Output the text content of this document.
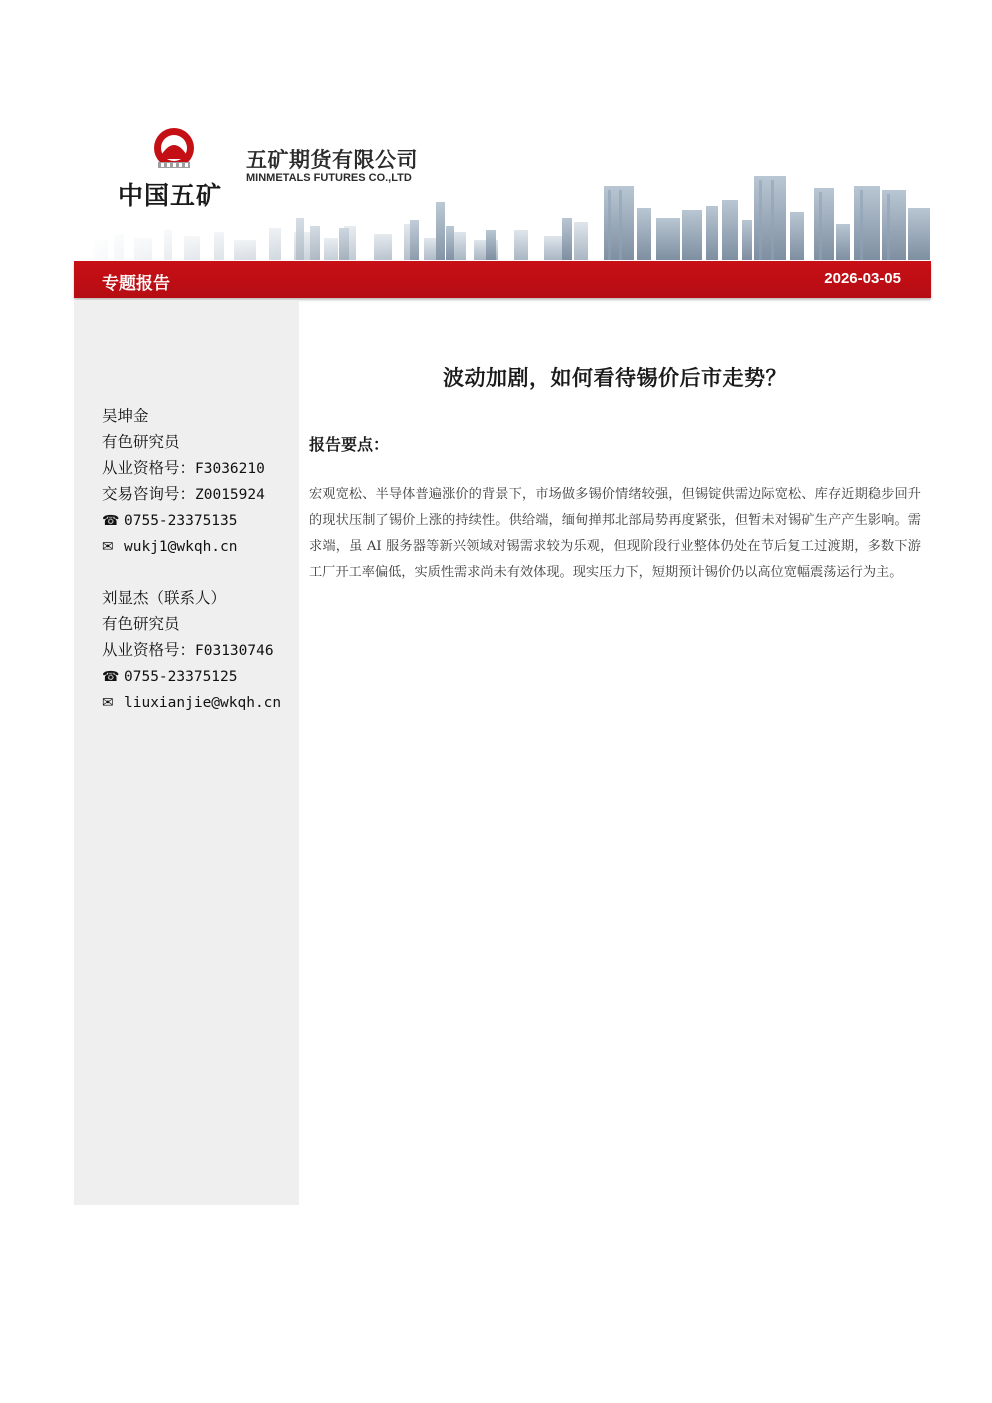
中国五矿
五矿期货有限公司
MINMETALS FUTURES CO.,LTD
专题报告	2026-03-05
吴坤金
有色研究员
从业资格号：F3036210
交易咨询号：Z0015924
☎ 0755-23375135
✉ wukj1@wkqh.cn
刘显杰（联系人）
有色研究员
从业资格号：F03130746
☎ 0755-23375125
✉ liuxianjie@wkqh.cn
波动加剧，如何看待锡价后市走势？
报告要点：
宏观宽松、半导体普遍涨价的背景下，市场做多锡价情绪较强，但锡锭供需边际宽松、库存近期稳步回升的现状压制了锡价上涨的持续性。供给端，缅甸掸邦北部局势再度紧张，但暂未对锡矿生产产生影响。需求端，虽 AI 服务器等新兴领域对锡需求较为乐观，但现阶段行业整体仍处在节后复工过渡期，多数下游工厂开工率偏低，实质性需求尚未有效体现。现实压力下，短期预计锡价仍以高位宽幅震荡运行为主。
